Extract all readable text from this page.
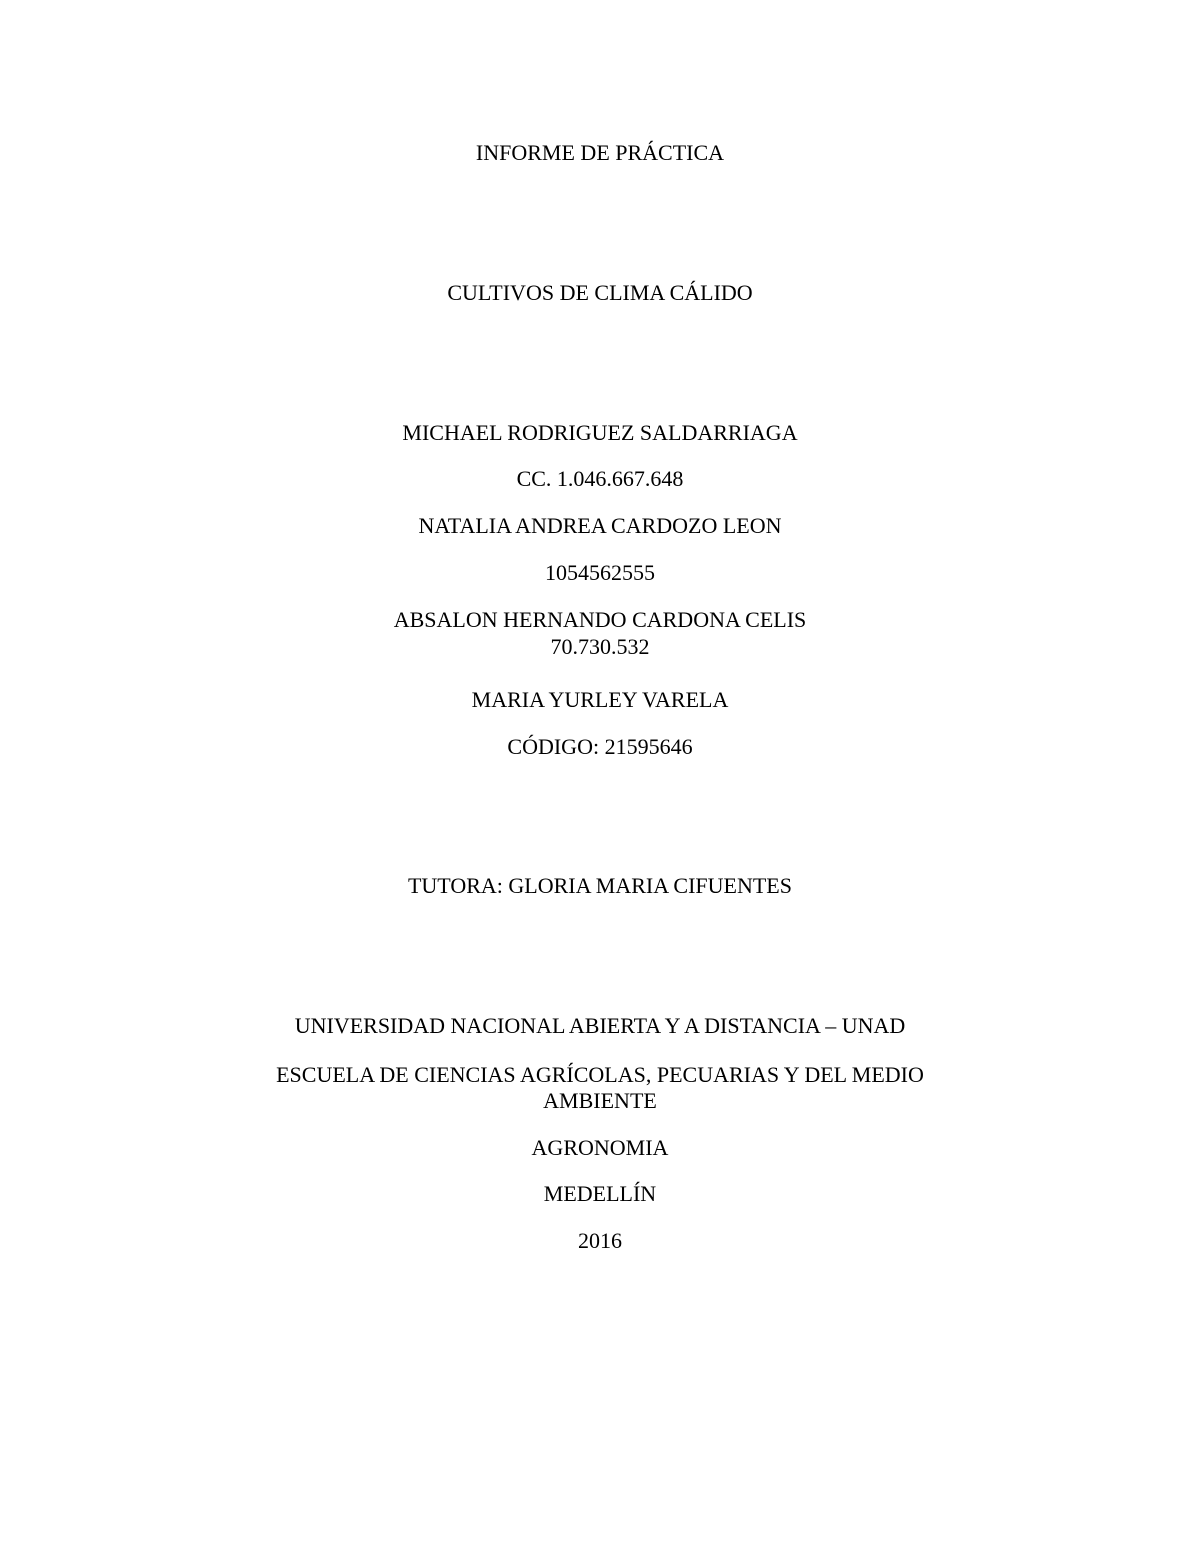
INFORME DE PRÁCTICA
CULTIVOS DE CLIMA CÁLIDO
MICHAEL RODRIGUEZ SALDARRIAGA
CC. 1.046.667.648
NATALIA ANDREA CARDOZO LEON
1054562555
ABSALON HERNANDO CARDONA CELIS
70.730.532
MARIA YURLEY VARELA
CÓDIGO: 21595646
TUTORA: GLORIA MARIA CIFUENTES
UNIVERSIDAD NACIONAL ABIERTA Y A DISTANCIA – UNAD
ESCUELA DE CIENCIAS AGRÍCOLAS, PECUARIAS Y DEL MEDIO AMBIENTE
AGRONOMIA
MEDELLÍN
2016
